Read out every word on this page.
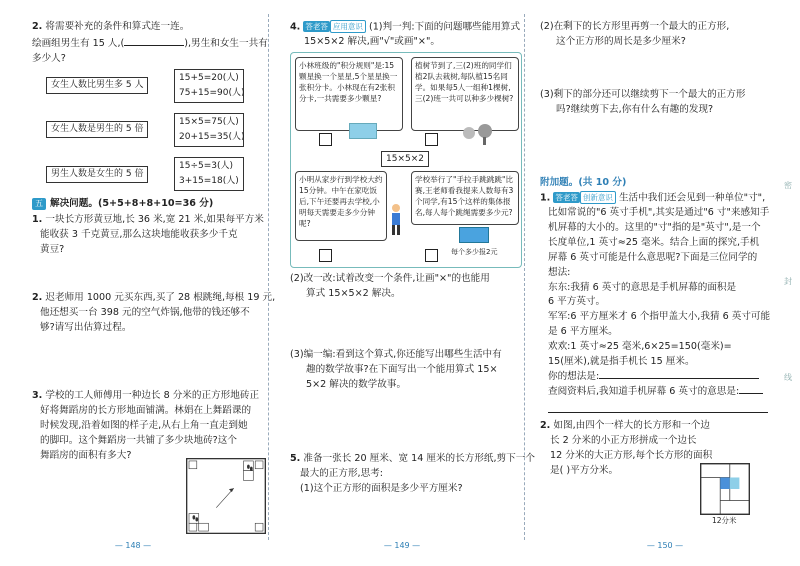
2. 将需要补充的条件和算式连一连。
绘画组男生有 15 人,(	),男生和女生一共有
多少人?
女生人数比男生多 5 人
女生人数是男生的 5 倍
男生人数是女生的 5 倍
15+5=20(人)
75+15=90(人)
15×5=75(人)
20+15=35(人)
15÷5=3(人)
3+15=18(人)
五 解决问题。(5+5+8+8+10=36 分)
1. 一块长方形黄豆地,长 36 米,宽 21 米,如果每平方米
能收获 3 千克黄豆,那么这块地能收获多少千克
黄豆?
2. 迟老师用 1000 元买东西,买了 28 根跳绳,每根 19 元,
他还想买一台 398 元的空气炸锅,他带的钱还够不
够?请写出估算过程。
3. 学校的工人师傅用一种边长 8 分米的正方形地砖正
好将舞蹈房的长方形地面铺满。林娟在上舞蹈课的
时候发现,沿着如图的样子走,从右上角一直走到她
的脚印。这个舞蹈房一共铺了多少块地砖?这个
舞蹈房的面积有多大?
— 148 —
4. 答老答 应用意识 (1)判一判:下面的问题哪些能用算式
15×5×2 解决,画"√"或画"×"。
小林班级的"积分规则"是:15颗星换一个星星,5个星星换一张积分卡。小林现在有2张积分卡,一共需要多少颗星?
植树节到了,三(2)班的同学们植2队去栽树,每队植15名同学。如果每5人一组种1棵树,三(2)班一共可以种多少棵树?
15×5×2
小明从家步行到学校大约15分钟。中午在家吃饭后,下午还要再去学校,小明每天需要走多少分钟呢?
学校举行了"手拉手跳跳跳"比赛,王老师看我提来人数每有3个同学,有15个这样的集体报名,每人每个跳绳需要多少元?
每个多少报2元
(2)改一改:试着改变一个条件,让画"×"的也能用
算式 15×5×2 解决。
(3)编一编:看到这个算式,你还能写出哪些生活中有
趣的数学故事?在下面写出一个能用算式 15×
5×2 解决的数学故事。
5. 准备一张长 20 厘米、宽 14 厘米的长方形纸,剪下一个
最大的正方形,思考:
(1)这个正方形的面积是多少平方厘米?
— 149 —
(2)在剩下的长方形里再剪一个最大的正方形,
这个正方形的周长是多少厘米?
(3)剩下的部分还可以继续剪下一个最大的正方形
吗?继续剪下去,你有什么有趣的发现?
附加题。(共 10 分)
1. 答老答 创新意识 生活中我们还会见到一种单位"寸",
比如常说的"6 英寸手机",其实是通过"6 寸"来感知手
机屏幕的大小的。这里的"寸"指的是"英寸",是一个
长度单位,1 英寸≈25 毫米。结合上面的探究,手机
屏幕 6 英寸可能是什么意思呢?下面是三位同学的
想法:
东东:我猜 6 英寸的意思是手机屏幕的面积是
6 平方英寸。
军军:6 平方厘米才 6 个指甲盖大小,我猜 6 英寸可能
是 6 平方厘米。
欢欢:1 英寸≈25 毫米,6×25=150(毫米)=
15(厘米),就是指手机长 15 厘米。
你的想法是:
查阅资料后,我知道手机屏幕 6 英寸的意思是:
2. 如图,由四个一样大的长方形和一个边
长 2 分米的小正方形拼成一个边长
12 分米的大正方形,每个长方形的面积
是( )平方分米。
— 150 —
12分米
密
封
线
